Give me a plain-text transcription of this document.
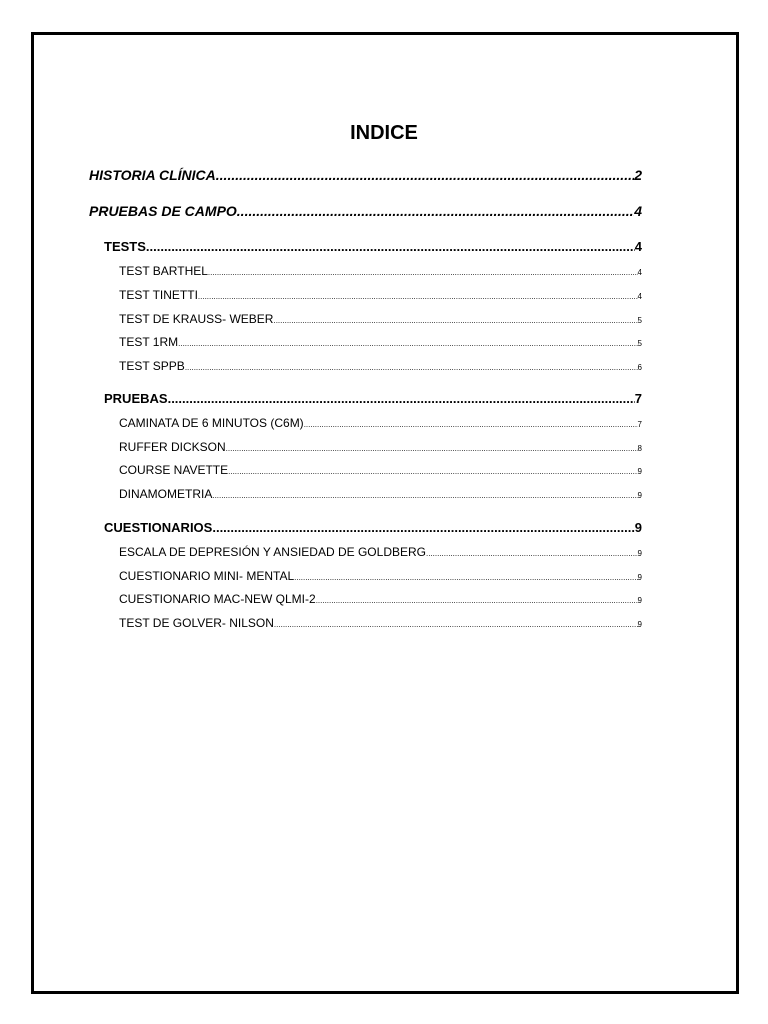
INDICE
HISTORIA CLÍNICA .....	2
PRUEBAS DE CAMPO .....	4
TESTS .....	4
TEST BARTHEL .....	4
TEST TINETTI .....	4
TEST DE KRAUSS- WEBER .....	5
TEST 1RM .....	5
TEST SPPB .....	6
PRUEBAS .....	7
CAMINATA DE 6 MINUTOS (C6M) .....	7
RUFFER DICKSON .....	8
COURSE NAVETTE .....	9
DINAMOMETRIA .....	9
CUESTIONARIOS .....	9
ESCALA DE DEPRESIÓN Y ANSIEDAD DE GOLDBERG .....	9
CUESTIONARIO MINI- MENTAL .....	9
CUESTIONARIO MAC-NEW QLMI-2 .....	9
TEST DE GOLVER- NILSON .....	9
